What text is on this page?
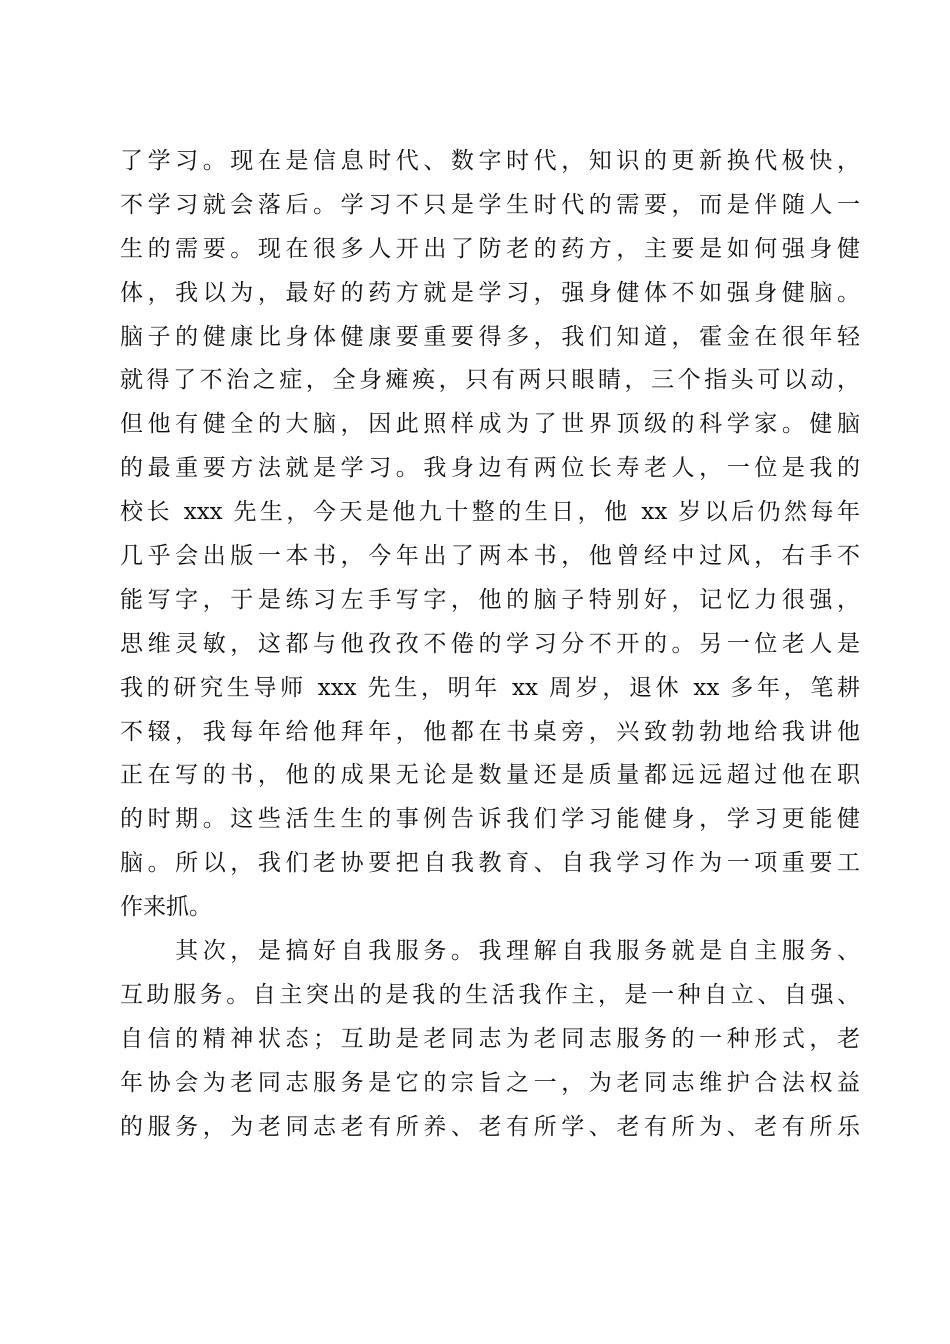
了学习。现在是信息时代、数字时代，知识的更新换代极快，
不学习就会落后。学习不只是学生时代的需要，而是伴随人一
生的需要。现在很多人开出了防老的药方，主要是如何强身健
体，我以为，最好的药方就是学习，强身健体不如强身健脑。
脑子的健康比身体健康要重要得多，我们知道，霍金在很年轻
就得了不治之症，全身瘫痪，只有两只眼睛，三个指头可以动，
但他有健全的大脑，因此照样成为了世界顶级的科学家。健脑
的最重要方法就是学习。我身边有两位长寿老人，一位是我的
校长 xxx 先生，今天是他九十整的生日，他 xx 岁以后仍然每年
几乎会出版一本书，今年出了两本书，他曾经中过风，右手不
能写字，于是练习左手写字，他的脑子特别好，记忆力很强，
思维灵敏，这都与他孜孜不倦的学习分不开的。另一位老人是
我的研究生导师 xxx 先生，明年 xx 周岁，退休 xx 多年，笔耕
不辍，我每年给他拜年，他都在书桌旁，兴致勃勃地给我讲他
正在写的书，他的成果无论是数量还是质量都远远超过他在职
的时期。这些活生生的事例告诉我们学习能健身，学习更能健
脑。所以，我们老协要把自我教育、自我学习作为一项重要工
作来抓。
　　其次，是搞好自我服务。我理解自我服务就是自主服务、
互助服务。自主突出的是我的生活我作主，是一种自立、自强、
自信的精神状态；互助是老同志为老同志服务的一种形式，老
年协会为老同志服务是它的宗旨之一，为老同志维护合法权益
的服务，为老同志老有所养、老有所学、老有所为、老有所乐
